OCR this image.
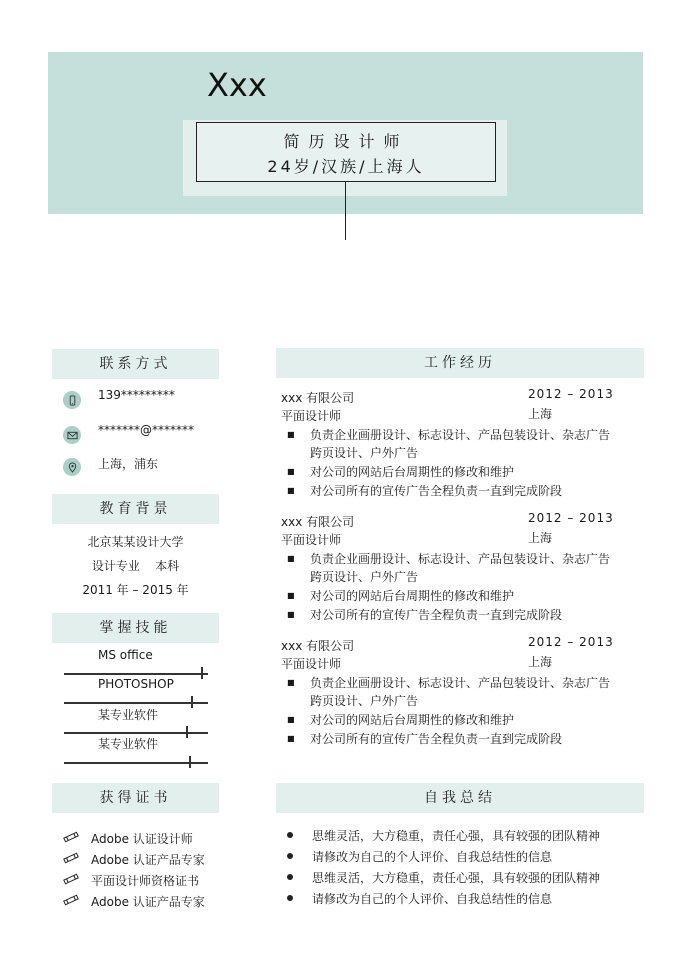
Xxx
简历设计师
24岁/汉族/上海人
联系方式
139*********
*******@*******
上海，浦东
教育背景
北京某某设计大学
设计专业    本科
2011 年 – 2015 年
掌握技能
MS office
PHOTOSHOP
某专业软件
某专业软件
获得证书
Adobe 认证设计师
Adobe 认证产品专家
平面设计师资格证书
Adobe 认证产品专家
工作经历
xxx 有限公司	2012 – 2013
平面设计师	上海
■ 负责企业画册设计、标志设计、产品包装设计、杂志广告跨页设计、户外广告
■ 对公司的网站后台周期性的修改和维护
■ 对公司所有的宣传广告全程负责一直到完成阶段
xxx 有限公司	2012 – 2013
平面设计师	上海
■ 负责企业画册设计、标志设计、产品包装设计、杂志广告跨页设计、户外广告
■ 对公司的网站后台周期性的修改和维护
■ 对公司所有的宣传广告全程负责一直到完成阶段
xxx 有限公司	2012 – 2013
平面设计师	上海
■ 负责企业画册设计、标志设计、产品包装设计、杂志广告跨页设计、户外广告
■ 对公司的网站后台周期性的修改和维护
■ 对公司所有的宣传广告全程负责一直到完成阶段
自我总结
思维灵活，大方稳重，责任心强，具有较强的团队精神
请修改为自己的个人评价、自我总结性的信息
思维灵活，大方稳重，责任心强，具有较强的团队精神
请修改为自己的个人评价、自我总结性的信息
